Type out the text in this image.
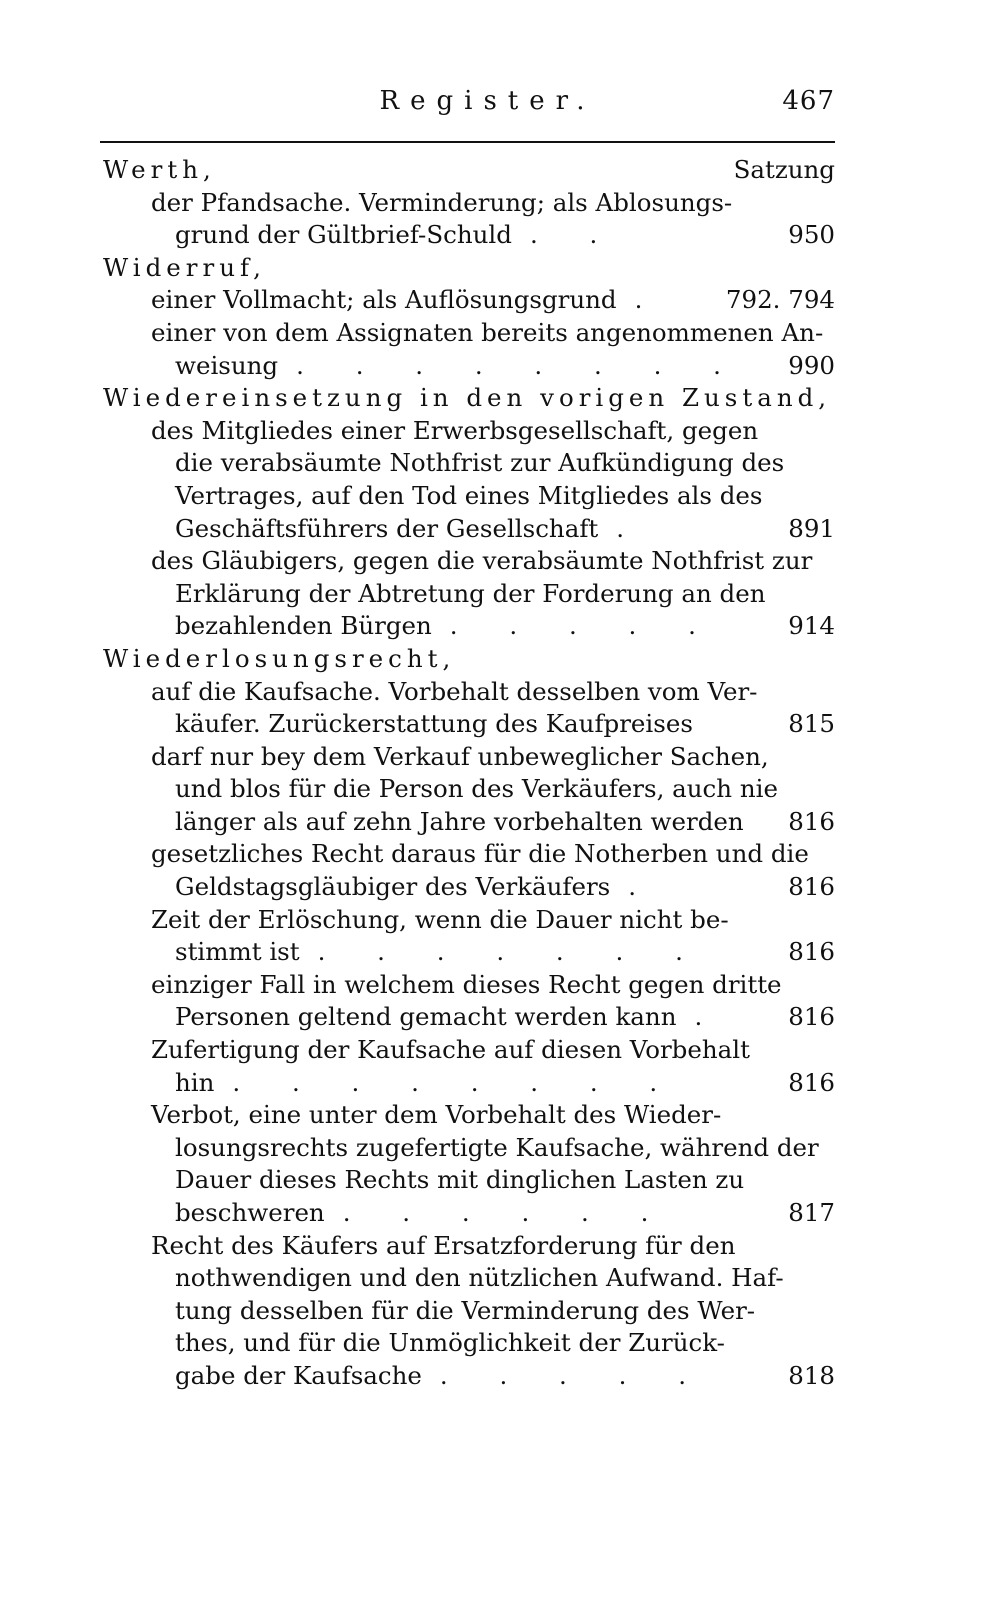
Register.	467
Werth,	Satzung
der Pfandsache. Verminderung; als Ablosungs-
grund der Gültbrief-Schuld . .	950
Widerruf,
einer Vollmacht; als Auflösungsgrund .	792. 794
einer von dem Assignaten bereits angenommenen An-
weisung . . . . . . . . 990
Wiedereinsetzung in den vorigen Zustand,
des Mitgliedes einer Erwerbsgesellschaft, gegen
die verabsäumte Nothfrist zur Aufkündigung des
Vertrages, auf den Tod eines Mitgliedes als des
Geschäftsführers der Gesellschaft .	891
des Gläubigers, gegen die verabsäumte Nothfrist zur
Erklärung der Abtretung der Forderung an den
bezahlenden Bürgen . . . . .	914
Wiederlosungsrecht,
auf die Kaufsache. Vorbehalt desselben vom Ver-
käufer. Zurückerstattung des Kaufpreises	815
darf nur bey dem Verkauf unbeweglicher Sachen,
und blos für die Person des Verkäufers, auch nie
länger als auf zehn Jahre vorbehalten werden 816
gesetzliches Recht daraus für die Notherben und die
Geldstagsgläubiger des Verkäufers .	816
Zeit der Erlöschung, wenn die Dauer nicht be-
stimmt ist . . . . . . .	816
einziger Fall in welchem dieses Recht gegen dritte
Personen geltend gemacht werden kann .	816
Zufertigung der Kaufsache auf diesen Vorbehalt
hin . . . . . . . .	816
Verbot, eine unter dem Vorbehalt des Wieder-
losungsrechts zugefertigte Kaufsache, während der
Dauer dieses Rechts mit dinglichen Lasten zu
beschweren . . . . . .	817
Recht des Käufers auf Ersatzforderung für den
nothwendigen und den nützlichen Aufwand. Haf-
tung desselben für die Verminderung des Wer-
thes, und für die Unmöglichkeit der Zurück-
gabe der Kaufsache . . . . .	818
